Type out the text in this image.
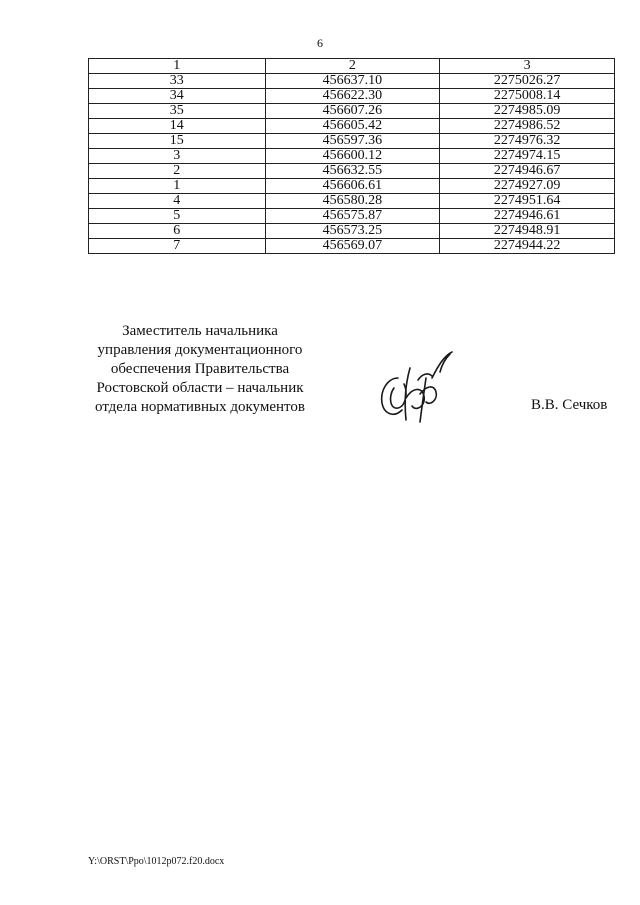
6
1	2	3
33	456637.10	2275026.27
34	456622.30	2275008.14
35	456607.26	2274985.09
14	456605.42	2274986.52
15	456597.36	2274976.32
3	456600.12	2274974.15
2	456632.55	2274946.67
1	456606.61	2274927.09
4	456580.28	2274951.64
5	456575.87	2274946.61
6	456573.25	2274948.91
7	456569.07	2274944.22
Заместитель начальника
управления документационного
обеспечения Правительства
Ростовской области – начальник
отдела нормативных документов	В.В. Сечков
Y:\ORST\Ppo\1012p072.f20.docx
